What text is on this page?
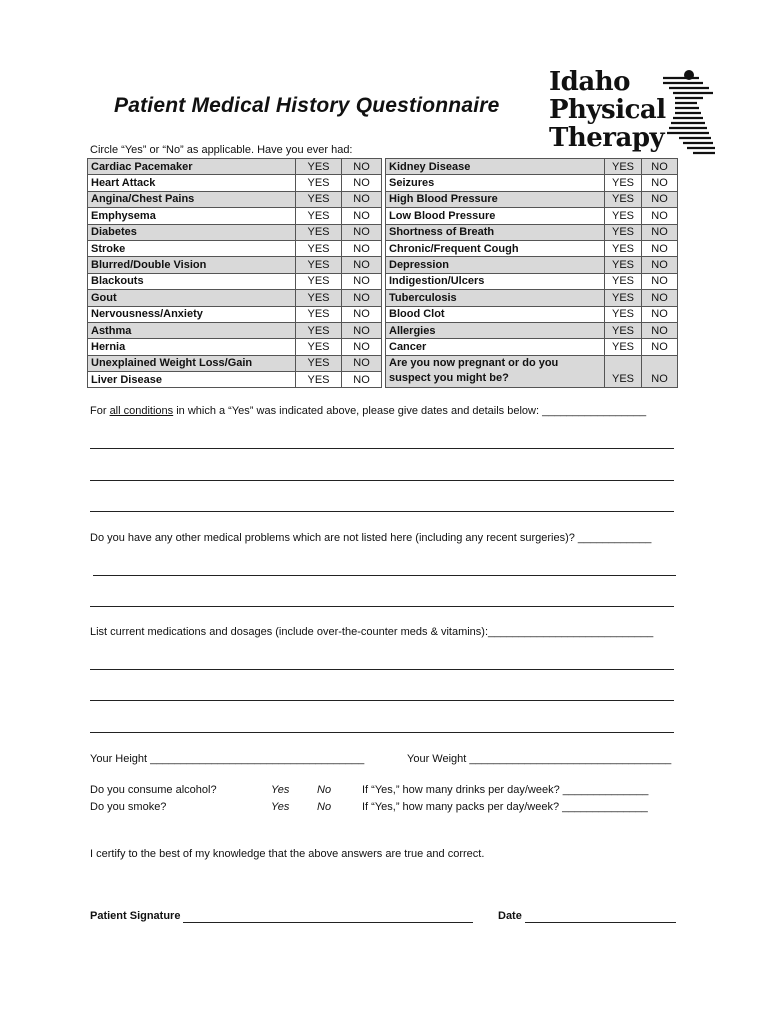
Patient Medical History Questionnaire
Idaho
Physical
Therapy
Circle “Yes” or “No” as applicable. Have you ever had:
Cardiac Pacemaker	YES	NO		Kidney Disease	YES	NO
Heart Attack	YES	NO		Seizures	YES	NO
Angina/Chest Pains	YES	NO		High Blood Pressure	YES	NO
Emphysema	YES	NO		Low Blood Pressure	YES	NO
Diabetes	YES	NO		Shortness of Breath	YES	NO
Stroke	YES	NO		Chronic/Frequent Cough	YES	NO
Blurred/Double Vision	YES	NO		Depression	YES	NO
Blackouts	YES	NO		Indigestion/Ulcers	YES	NO
Gout	YES	NO		Tuberculosis	YES	NO
Nervousness/Anxiety	YES	NO		Blood Clot	YES	NO
Asthma	YES	NO		Allergies	YES	NO
Hernia	YES	NO		Cancer	YES	NO
Unexplained Weight Loss/Gain	YES	NO		Are you now pregnant or do you suspect you might be?	YES	NO
Liver Disease	YES	NO				
For all conditions in which a “Yes” was indicated above, please give dates and details below: _________________
Do you have any other medical problems which are not listed here (including any recent surgeries)? ____________
List current medications and dosages (include over-the-counter meds & vitamins):___________________________
Your Height ___________________________________	Your Weight _________________________________
Do you consume alcohol?	Yes	No	If “Yes,” how many drinks per day/week? ______________
Do you smoke?	Yes	No	If “Yes,” how many packs per day/week? ______________
I certify to the best of my knowledge that the above answers are true and correct.
Patient Signature	Date
